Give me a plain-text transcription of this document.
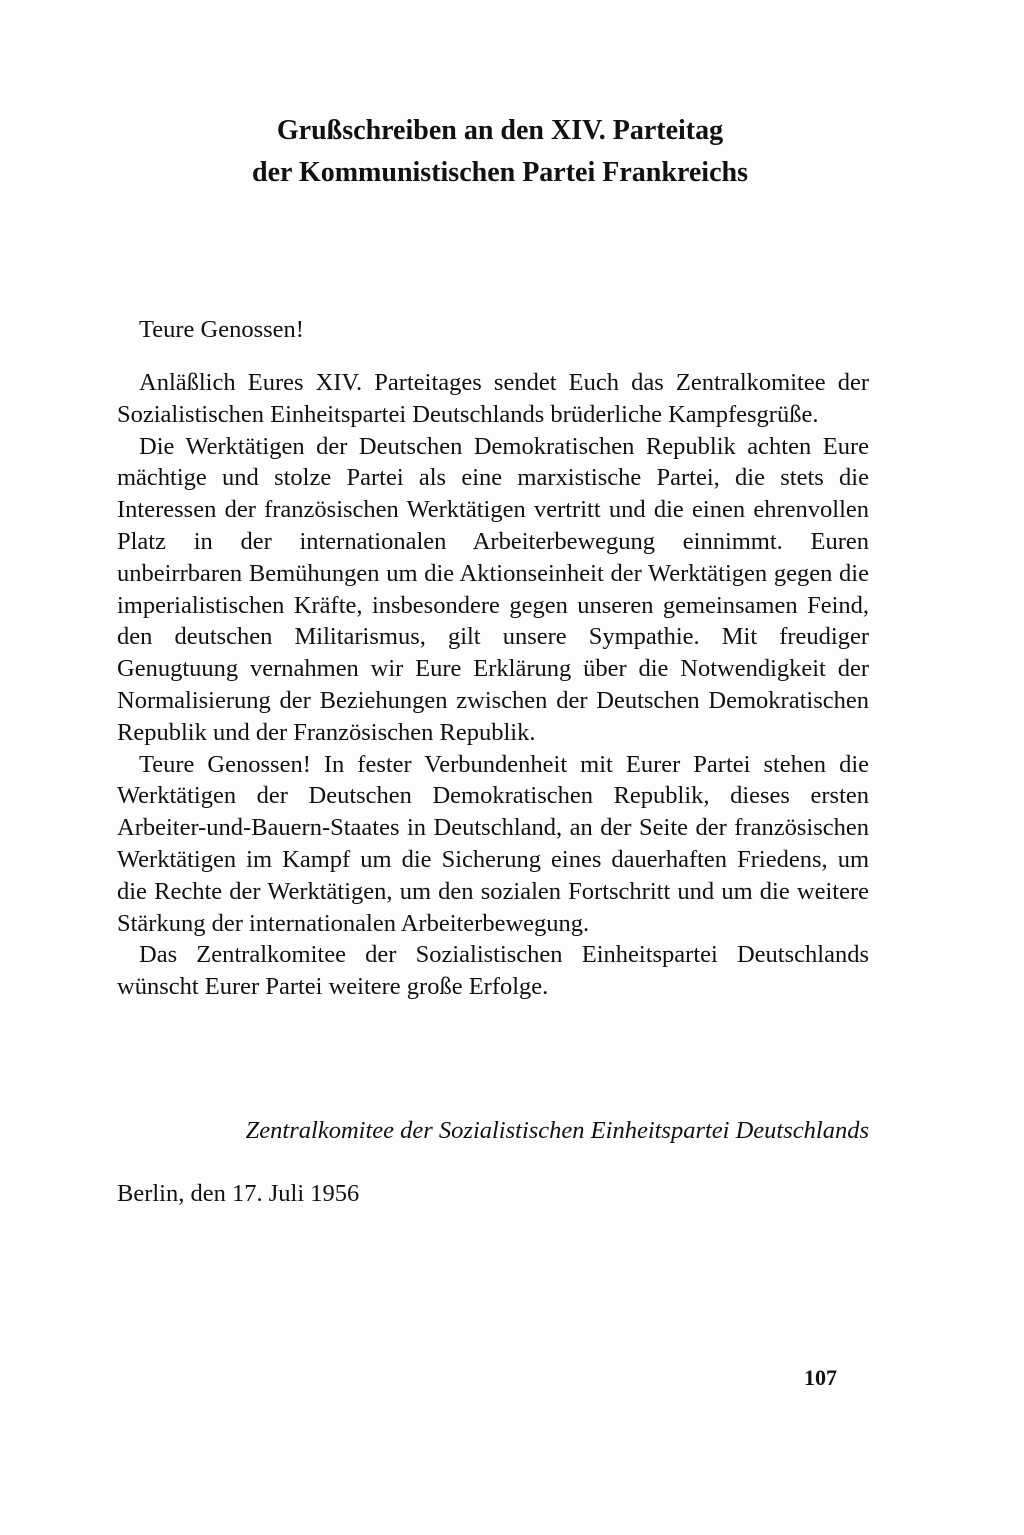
Grußschreiben an den XIV. Parteitag
der Kommunistischen Partei Frankreichs

Teure Genossen!

Anläßlich Eures XIV. Parteitages sendet Euch das Zentralkomitee der Sozialistischen Einheitspartei Deutschlands brüderliche Kampfesgrüße.

Die Werktätigen der Deutschen Demokratischen Republik achten Eure mächtige und stolze Partei als eine marxistische Partei, die stets die Interessen der französischen Werktätigen vertritt und die einen ehrenvollen Platz in der internationalen Arbeiterbewegung einnimmt. Euren unbeirrbaren Bemühungen um die Aktionseinheit der Werktätigen gegen die imperialistischen Kräfte, insbesondere gegen unseren gemeinsamen Feind, den deutschen Militarismus, gilt unsere Sympathie. Mit freudiger Genugtuung vernahmen wir Eure Erklärung über die Notwendigkeit der Normalisierung der Beziehungen zwischen der Deutschen Demokratischen Republik und der Französischen Republik.

Teure Genossen! In fester Verbundenheit mit Eurer Partei stehen die Werktätigen der Deutschen Demokratischen Republik, dieses ersten Arbeiter-und-Bauern-Staates in Deutschland, an der Seite der französischen Werktätigen im Kampf um die Sicherung eines dauerhaften Friedens, um die Rechte der Werktätigen, um den sozialen Fortschritt und um die weitere Stärkung der internationalen Arbeiterbewegung.

Das Zentralkomitee der Sozialistischen Einheitspartei Deutschlands wünscht Eurer Partei weitere große Erfolge.

Zentralkomitee der Sozialistischen Einheitspartei Deutschlands
Berlin, den 17. Juli 1956
107
